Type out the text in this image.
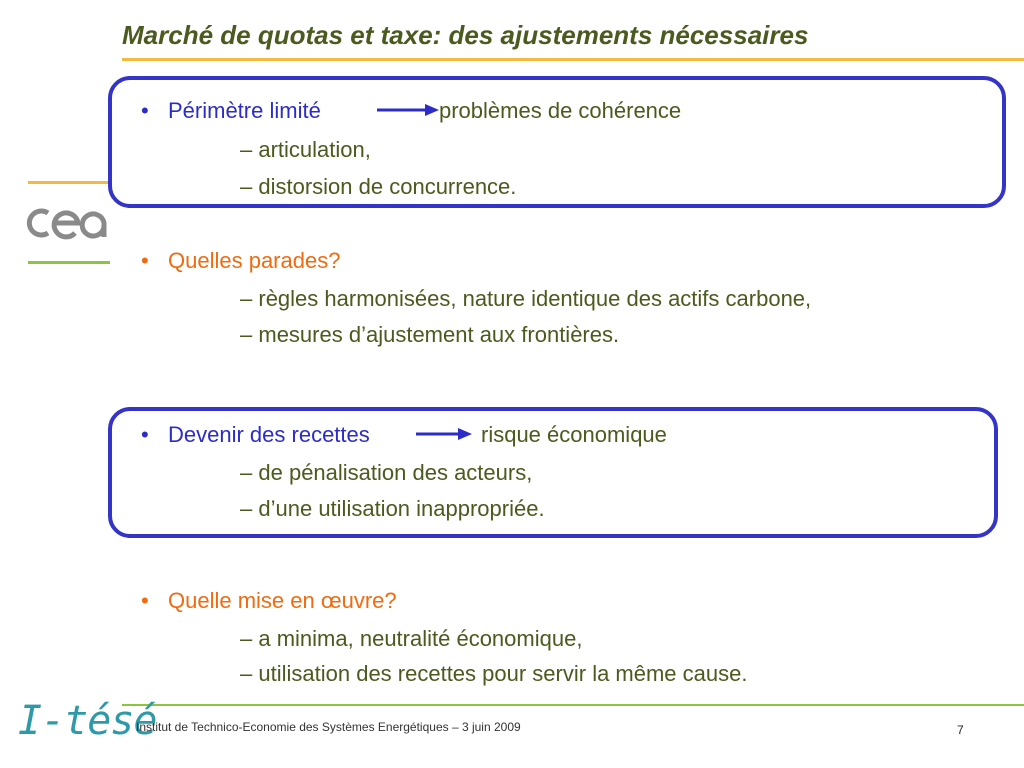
Marché de quotas et taxe: des ajustements nécessaires
• Périmètre limité	problèmes de cohérence
– articulation,
– distorsion de concurrence.
• Quelles parades?
– règles harmonisées, nature identique des actifs carbone,
– mesures d’ajustement aux frontières.
• Devenir des recettes	risque économique
– de pénalisation des acteurs,
– d’une utilisation inappropriée.
• Quelle mise en œuvre?
– a minima, neutralité économique,
– utilisation des recettes pour servir la même cause.
I-tésé
Institut de Technico-Economie des Systèmes Energétiques – 3 juin 2009	7
